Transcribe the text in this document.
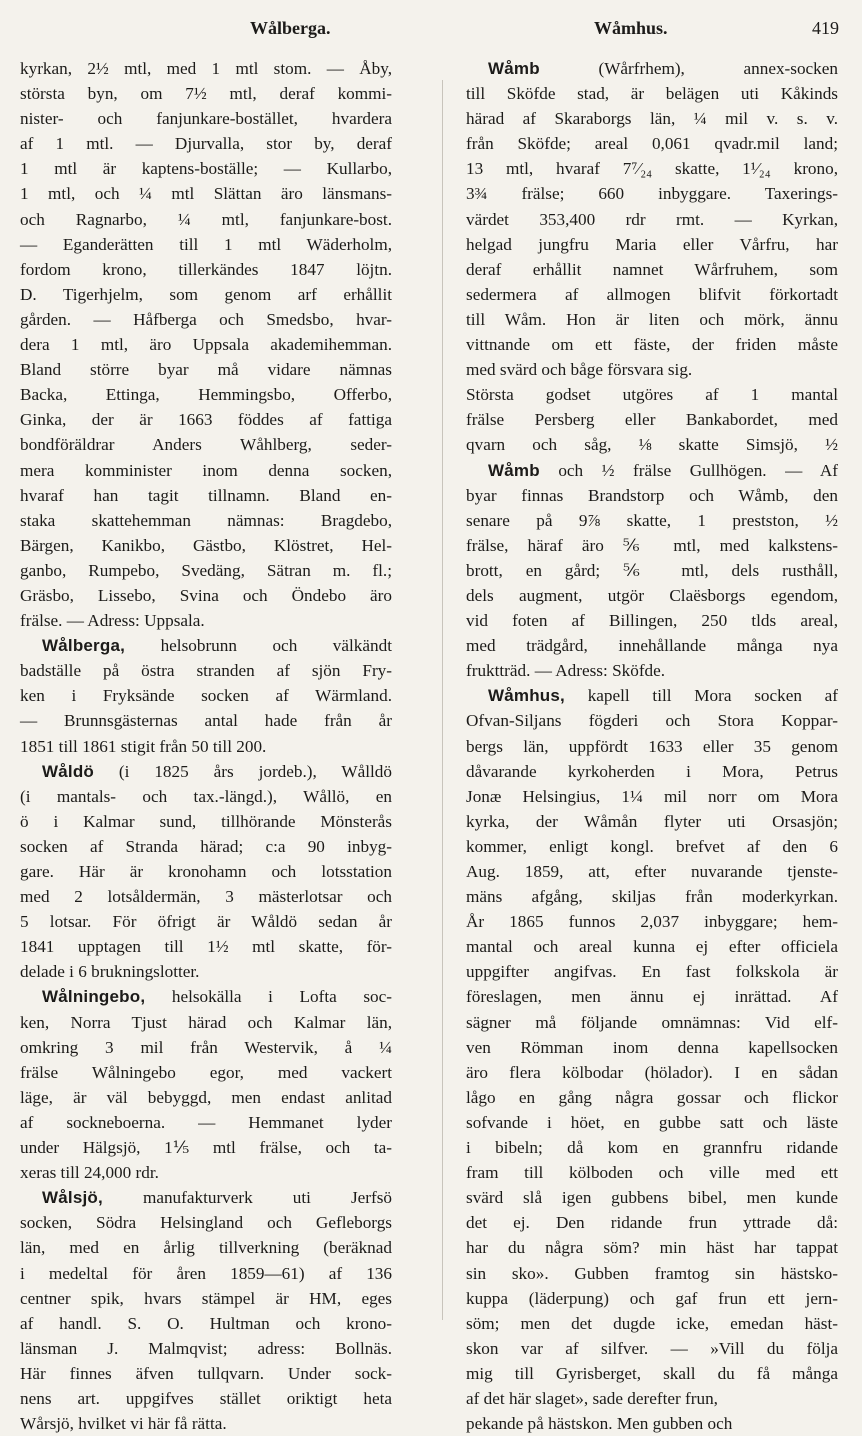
Wålberga.	Wåmhus.	419
kyrkan, 2½ mtl, med 1 mtl stom. — Åby,
största byn, om 7½ mtl, deraf kommi-
nister- och fanjunkare-bostället, hvardera
af 1 mtl. — Djurvalla, stor by, deraf
1 mtl är kaptens-boställe; — Kullarbo,
1 mtl, och ¼ mtl Slättan äro länsmans-
och Ragnarbo, ¼ mtl, fanjunkare-bost.
— Eganderätten till 1 mtl Wäderholm,
fordom krono, tillerkändes 1847 löjtn.
D. Tigerhjelm, som genom arf erhållit
gården. — Håfberga och Smedsbo, hvar-
dera 1 mtl, äro Uppsala akademihemman.
Bland större byar må vidare nämnas
Backa, Ettinga, Hemmingsbo, Offerbo,
Ginka, der är 1663 föddes af fattiga
bondföräldrar Anders Wåhlberg, seder-
mera komminister inom denna socken,
hvaraf han tagit tillnamn. Bland en-
staka skattehemman nämnas: Bragdebo,
Bärgen, Kanikbo, Gästbo, Klöstret, Hel-
ganbo, Rumpebo, Svedäng, Sätran m. fl.;
Gräsbo, Lissebo, Svina och Öndebo äro
frälse. — Adress: Uppsala.
Wålberga, helsobrunn och välkändt
badställe på östra stranden af sjön Fry-
ken i Fryksände socken af Wärmland.
— Brunnsgästernas antal hade från år
1851 till 1861 stigit från 50 till 200.
Wåldö (i 1825 års jordeb.), Wålldö
(i mantals- och tax.-längd.), Wållö, en
ö i Kalmar sund, tillhörande Mönsterås
socken af Stranda härad; c:a 90 inbyg-
gare. Här är kronohamn och lotsstation
med 2 lotsåldermän, 3 mästerlotsar och
5 lotsar. För öfrigt är Wåldö sedan år
1841 upptagen till 1½ mtl skatte, för-
delade i 6 brukningslotter.
Wålningebo, helsokälla i Lofta soc-
ken, Norra Tjust härad och Kalmar län,
omkring 3 mil från Westervik, å ¼
frälse Wålningebo egor, med vackert
läge, är väl bebyggd, men endast anlitad
af sockneboerna. — Hemmanet lyder
under Hälgsjö, 1⅕ mtl frälse, och ta-
xeras till 24,000 rdr.
Wålsjö, manufakturverk uti Jerfsö
socken, Södra Helsingland och Gefleborgs
län, med en årlig tillverkning (beräknad
i medeltal för åren 1859—61) af 136
centner spik, hvars stämpel är HM, eges
af handl. S. O. Hultman och krono-
länsman J. Malmqvist; adress: Bollnäs.
Här finnes äfven tullqvarn. Under sock-
nens art. uppgifves stället oriktigt heta
Wårsjö, hvilket vi här få rätta.
Wåmb (Wårfrhem), annex-socken
till Sköfde stad, är belägen uti Kåkinds
härad af Skaraborgs län, ¼ mil v. s. v.
från Sköfde; areal 0,061 qvadr.mil land;
13 mtl, hvaraf 7⁷⁄₂₄ skatte, 1¹⁄₂₄ krono,
3¾ frälse; 660 inbyggare. Taxerings-
värdet 353,400 rdr rmt. — Kyrkan,
helgad jungfru Maria eller Vårfru, har
deraf erhållit namnet Wårfruhem, som
sedermera af allmogen blifvit förkortadt
till Wåm. Hon är liten och mörk, ännu
vittnande om ett fäste, der friden måste
med svärd och båge försvara sig.
Största godset utgöres af 1 mantal
frälse Persberg eller Bankabordet, med
qvarn och såg, ⅛ skatte Simsjö, ½
Wåmb och ½ frälse Gullhögen. — Af
byar finnas Brandstorp och Wåmb, den
senare på 9⅞ skatte, 1 prestston, ½
frälse, häraf äro ⅚ mtl, med kalkstens-
brott, en gård; ⅚ mtl, dels rusthåll,
dels augment, utgör Claësborgs egendom,
vid foten af Billingen, 250 tlds areal,
med trädgård, innehållande många nya
fruktträd. — Adress: Sköfde.
Wåmhus, kapell till Mora socken af
Ofvan-Siljans fögderi och Stora Koppar-
bergs län, uppfördt 1633 eller 35 genom
dåvarande kyrkoherden i Mora, Petrus
Jonæ Helsingius, 1¼ mil norr om Mora
kyrka, der Wåmån flyter uti Orsasjön;
kommer, enligt kongl. brefvet af den 6
Aug. 1859, att, efter nuvarande tjenste-
mäns afgång, skiljas från moderkyrkan.
År 1865 funnos 2,037 inbyggare; hem-
mantal och areal kunna ej efter officiela
uppgifter angifvas. En fast folkskola är
föreslagen, men ännu ej inrättad. Af
sägner må följande omnämnas: Vid elf-
ven Römman inom denna kapellsocken
äro flera kölbodar (hölador). I en sådan
lågo en gång några gossar och flickor
sofvande i höet, en gubbe satt och läste
i bibeln; då kom en grannfru ridande
fram till kölboden och ville med ett
svärd slå igen gubbens bibel, men kunde
det ej. Den ridande frun yttrade då:
har du några söm? min häst har tappat
sin sko». Gubben framtog sin hästsko-
kuppa (läderpung) och gaf frun ett jern-
söm; men det dugde icke, emedan häst-
skon var af silfver. — »Vill du följa
mig till Gyrisberget, skall du få många
af det här slaget», sade derefter frun,
pekande på hästskon. Men gubben och
